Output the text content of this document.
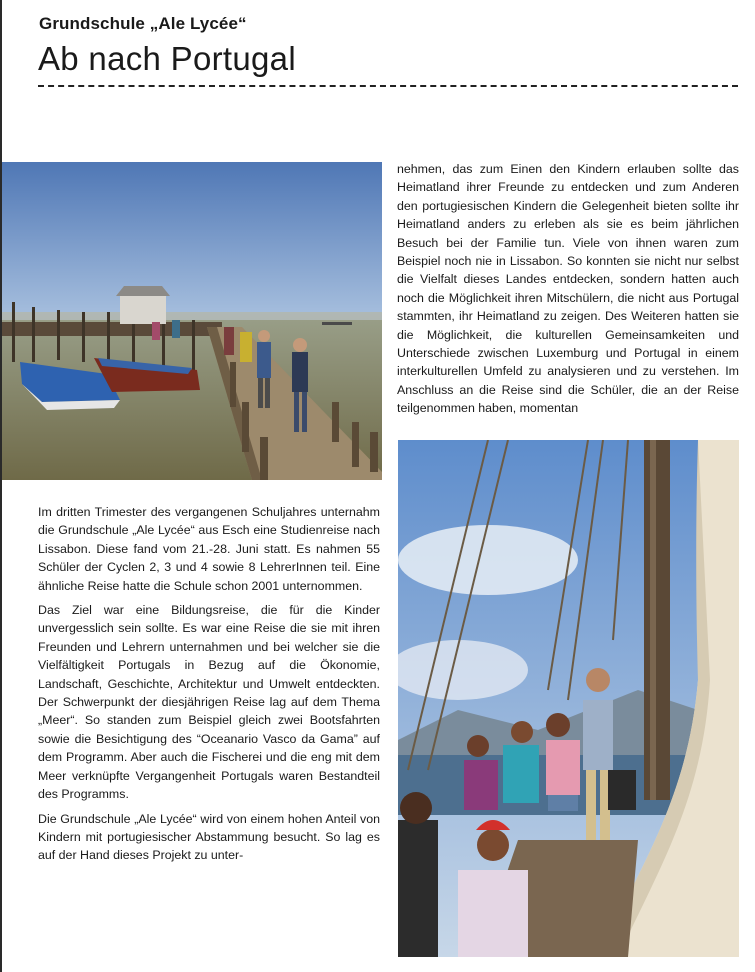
Grundschule „Ale Lycée“
Ab nach Portugal

Im dritten Trimester des vergangenen Schuljahres unternahm die Grundschule „Ale Lycée“ aus Esch eine Studienreise nach Lissabon. Diese fand vom 21.-28. Juni statt. Es nahmen 55 Schüler der Cyclen 2, 3 und 4 sowie 8 LehrerInnen teil. Eine ähnliche Reise hatte die Schule schon 2001 unternommen.

Das Ziel war eine Bildungsreise, die für die Kinder unvergesslich sein sollte. Es war eine Reise die sie mit ihren Freunden und Lehrern unternahmen und bei welcher sie die Vielfältigkeit Portugals in Bezug auf die Ökonomie, Landschaft, Geschichte, Architektur und Umwelt entdeckten. Der Schwerpunkt der diesjährigen Reise lag auf dem Thema „Meer“. So standen zum Beispiel gleich zwei Bootsfahrten sowie die Besichtigung des “Oceanario Vasco da Gama” auf dem Programm. Aber auch die Fischerei und die eng mit dem Meer verknüpfte Vergangenheit Portugals waren Bestandteil des Programms.

Die Grundschule „Ale Lycée“ wird von einem hohen Anteil von Kindern mit portugiesischer Abstammung besucht. So lag es auf der Hand dieses Projekt zu unter-

nehmen, das zum Einen den Kindern erlauben sollte das Heimatland ihrer Freunde zu entdecken und zum Anderen den portugiesischen Kindern die Gelegenheit bieten sollte ihr Heimatland anders zu erleben als sie es beim jährlichen Besuch bei der Familie tun. Viele von ihnen waren zum Beispiel noch nie in Lissabon. So konnten sie nicht nur selbst die Vielfalt dieses Landes entdecken, sondern hatten auch noch die Möglichkeit ihren Mitschülern, die nicht aus Portugal stammten, ihr Heimatland zu zeigen. Des Weiteren hatten sie die Möglichkeit, die kulturellen Gemeinsamkeiten und Unterschiede zwischen Luxemburg und Portugal in einem interkulturellen Umfeld zu analysieren und zu verstehen. Im Anschluss an die Reise sind die Schüler, die an der Reise teilgenommen haben, momentan
